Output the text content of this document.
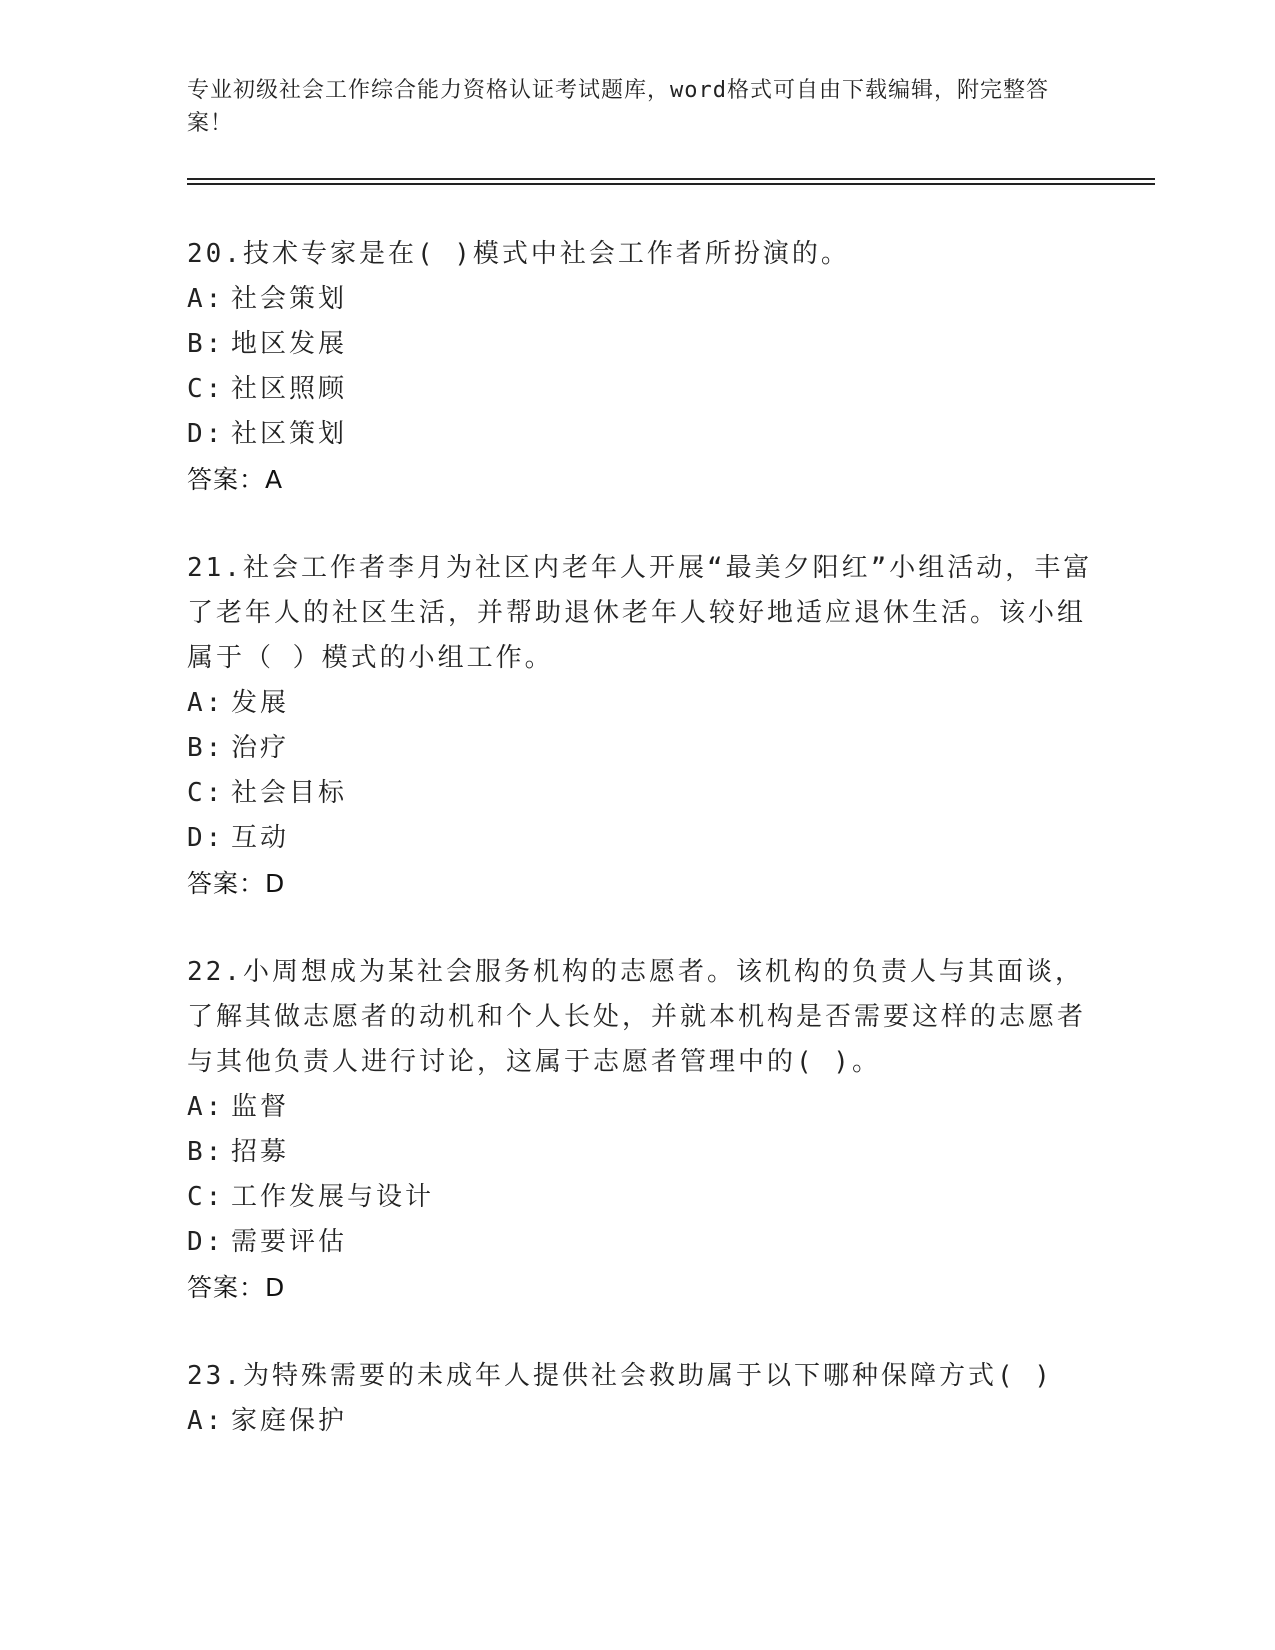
专业初级社会工作综合能力资格认证考试题库，word格式可自由下载编辑，附完整答案！
20.技术专家是在( )模式中社会工作者所扮演的。
A: 社会策划
B: 地区发展
C: 社区照顾
D: 社区策划
答案：A
21.社会工作者李月为社区内老年人开展“最美夕阳红”小组活动，丰富了老年人的社区生活，并帮助退休老年人较好地适应退休生活。该小组属于（ ）模式的小组工作。
A: 发展
B: 治疗
C: 社会目标
D: 互动
答案：D
22.小周想成为某社会服务机构的志愿者。该机构的负责人与其面谈，了解其做志愿者的动机和个人长处，并就本机构是否需要这样的志愿者与其他负责人进行讨论，这属于志愿者管理中的( )。
A: 监督
B: 招募
C: 工作发展与设计
D: 需要评估
答案：D
23.为特殊需要的未成年人提供社会救助属于以下哪种保障方式( )
A: 家庭保护
